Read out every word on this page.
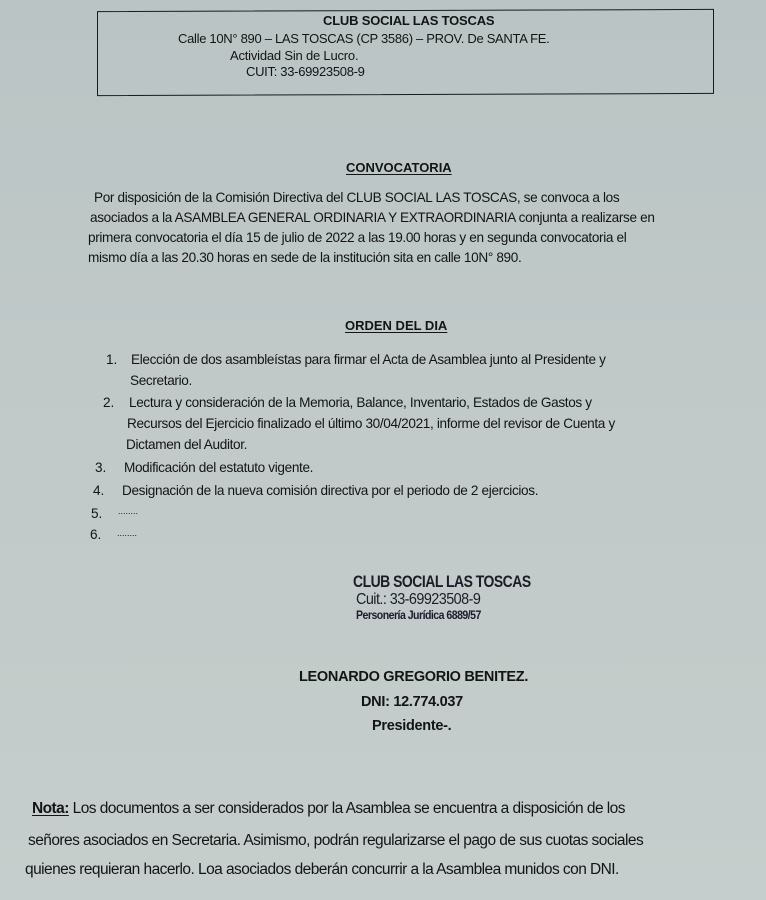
CLUB SOCIAL LAS TOSCAS
Calle 10N° 890 – LAS TOSCAS (CP 3586) – PROV. De SANTA FE.
Actividad Sin de Lucro.
CUIT: 33-69923508-9
CONVOCATORIA
Por disposición de la Comisión Directiva del CLUB SOCIAL LAS TOSCAS, se convoca a los
asociados a la ASAMBLEA GENERAL ORDINARIA Y EXTRAORDINARIA conjunta a realizarse en
primera convocatoria el día 15 de julio de 2022 a las 19.00 horas y en segunda convocatoria el
mismo día a las 20.30 horas en sede de la institución sita en calle 10N° 890.
ORDEN DEL DIA
1. Elección de dos asambleístas para firmar el Acta de Asamblea junto al Presidente y
Secretario.
2. Lectura y consideración de la Memoria, Balance, Inventario, Estados de Gastos y
Recursos del Ejercicio finalizado el último 30/04/2021, informe del revisor de Cuenta y
Dictamen del Auditor.
3. Modificación del estatuto vigente.
4. Designación de la nueva comisión directiva por el periodo de 2 ejercicios.
5. ........
6. ........
CLUB SOCIAL LAS TOSCAS
Cuit.: 33-69923508-9
Personería Jurídica 6889/57
LEONARDO GREGORIO BENITEZ.
DNI: 12.774.037
Presidente-.
Nota: Los documentos a ser considerados por la Asamblea se encuentra a disposición de los
señores asociados en Secretaria. Asimismo, podrán regularizarse el pago de sus cuotas sociales
quienes requieran hacerlo. Loa asociados deberán concurrir a la Asamblea munidos con DNI.
